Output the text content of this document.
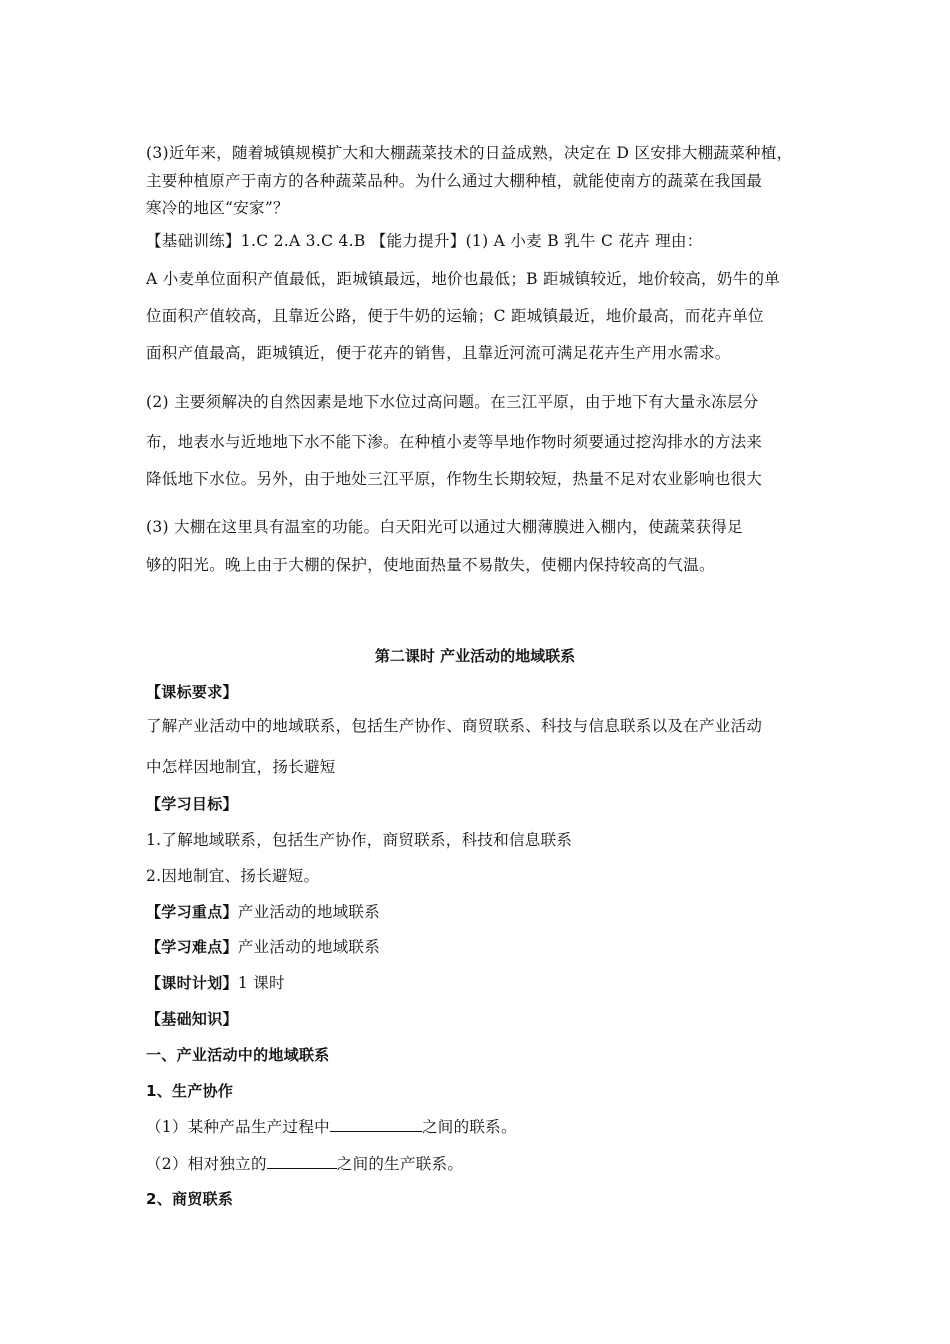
(3)近年来，随着城镇规模扩大和大棚蔬菜技术的日益成熟，决定在 D 区安排大棚蔬菜种植，
主要种植原产于南方的各种蔬菜品种。为什么通过大棚种植，就能使南方的蔬菜在我国最
寒冷的地区“安家”？
【基础训练】1.C 2.A 3.C 4.B 【能力提升】(1) A 小麦 B 乳牛 C 花卉 理由：
A 小麦单位面积产值最低，距城镇最远，地价也最低；B 距城镇较近，地价较高，奶牛的单
位面积产值较高，且靠近公路，便于牛奶的运输；C 距城镇最近，地价最高，而花卉单位
面积产值最高，距城镇近，便于花卉的销售，且靠近河流可满足花卉生产用水需求。
(2) 主要须解决的自然因素是地下水位过高问题。在三江平原，由于地下有大量永冻层分
布，地表水与近地地下水不能下渗。在种植小麦等旱地作物时须要通过挖沟排水的方法来
降低地下水位。另外，由于地处三江平原，作物生长期较短，热量不足对农业影响也很大
(3) 大棚在这里具有温室的功能。白天阳光可以通过大棚薄膜进入棚内，使蔬菜获得足
够的阳光。晚上由于大棚的保护，使地面热量不易散失，使棚内保持较高的气温。
第二课时 产业活动的地域联系
【课标要求】
了解产业活动中的地域联系，包括生产协作、商贸联系、科技与信息联系以及在产业活动
中怎样因地制宜，扬长避短
【学习目标】
1.了解地域联系，包括生产协作，商贸联系，科技和信息联系
2.因地制宜、扬长避短。
【学习重点】产业活动的地域联系
【学习难点】产业活动的地域联系
【课时计划】1 课时
【基础知识】
一、产业活动中的地域联系
1、生产协作
（1）某种产品生产过程中	之间的联系。
（2）相对独立的	之间的生产联系。
2、商贸联系
